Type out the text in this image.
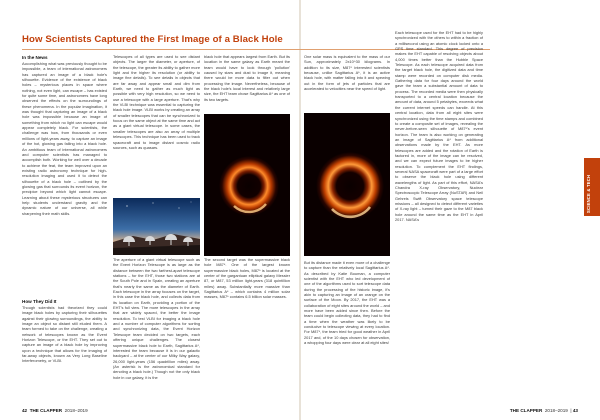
How Scientists Captured the First Image of a Black Hole

In the News

Accomplishing what was previously thought to be impossible, a team of international astronomers has captured an image of a black hole's silhouette. Evidence of the existence of black holes – mysterious places in space where nothing, not even light, can escape – has existed for quite some time, and astronomers have long observed the effects on the surroundings of these phenomena. In the popular imagination, it was thought that capturing an image of a black hole was impossible because an image of something from which no light can escape would appear completely black. For scientists, the challenge was how, from thousands or even millions of light-years away, to capture an image of the hot, glowing gas falling into a black hole. An ambitious team of international astronomers and computer scientists has managed to accomplish both. Working for well over a decade to achieve the feat, the team improved upon an existing radio astronomy technique for high-resolution imaging and used it to detect the silhouette of a black hole – outlined by the glowing gas that surrounds its event horizon, the precipice beyond which light cannot escape. Learning about these mysterious structures can help students understand gravity and the dynamic nature of our universe, all while sharpening their math skills.

How They Did It

Though scientists had theorized they could image black holes by capturing their silhouettes against their glowing surroundings, the ability to image an object so distant still eluded them. A team formed to take on the challenge, creating a network of telescopes known as the Event Horizon Telescope, or the EHT. They set out to capture an image of a black hole by improving upon a technique that allows for the imaging of far-away objects, known as Very Long Baseline Interferometry, or VLBI.

Telescopes of all types are used to see distant objects. The larger the diameter, or aperture, of the telescope, the greater its ability to gather more light and the higher its resolution (or ability to image fine details). To see details in objects that are far away and appear small and dim from Earth, we need to gather as much light as possible with very high resolution, so we need to use a telescope with a large aperture. That's why the VLBI technique was essential to capturing the black hole image. VLBI works by creating an array of smaller telescopes that can be synchronized to focus on the same object at the same time and act as a giant virtual telescope. In some cases, the smaller telescopes are also an array of multiple telescopes. This technique has been used to track spacecraft and to image distant cosmic radio sources, such as quasars.

The aperture of a giant virtual telescope such as the Event Horizon Telescope is as large as the distance between the two farthest-apart telescope stations – for the EHT, those two stations are at the South Pole and in Spain, creating an aperture that's nearly the same as the diameter of Earth. Each telescope in the array focuses on the target, in this case the black hole, and collects data from its location on Earth, providing a portion of the EHT's full view. The more telescopes in the array that are widely spaced, the better the image resolution. To test VLBI for imaging a black hole and a number of computer algorithms for sorting and synchronizing data, the Event Horizon Telescope team decided on two targets, each offering unique challenges. The closest supermassive black hole to Earth, Sagittarius A*, interested the team because it is in our galactic backyard – at the center of our Milky Way galaxy, 26,000 light-years (156 quadrillion miles) away. (An asterisk is the astronomical standard for denoting a black hole.) Though not the only black hole in our galaxy, it is the

black hole that appears largest from Earth. But its location in the same galaxy as Earth meant the team would have to look through 'pollution' caused by stars and dust to image it, meaning there would be more data to filter out when processing the image. Nevertheless, because of the black hole's local interest and relatively large size, the EHT team chose Sagittarius A* as one of its two targets.

The second target was the supermassive black hole M87*. One of the largest known supermassive black holes, M87* is located at the center of the gargantuan elliptical galaxy Messier 87, or M87, 53 million light-years (318 quintillion miles) away. Substantially more massive than Sagittarius A* – which contains 4 million solar masses, M87* contains 6.5 billion solar masses.

One solar mass is equivalent to the mass of our Sun, approximately 2x10^30 kilograms. In addition to its size, M87* interested scientists because, unlike Sagittarius A*, it is an active black hole, with matter falling into it and spewing out in the form of jets of particles that are accelerated to velocities near the speed of light.

But its distance made it even more of a challenge to capture than the relatively local Sagittarius A*. As described by Katie Bouman, a computer scientist with the EHT who led development of one of the algorithms used to sort telescope data during the processing of the historic image, it's akin to capturing an image of an orange on the surface of the Moon. By 2017, the EHT was a collaboration of eight sites around the world – and more have been added since then. Before the team could begin collecting data, they had to find a time when the weather was likely to be conducive to telescope viewing at every location. For M87*, the team tried for good weather in April 2017 and, of the 10 days chosen for observation, a whopping four days were clear at all eight sites!

Each telescope used for the EHT had to be highly synchronized with the others to within a fraction of a millisecond using an atomic clock locked onto a GPS time standard. This degree of precision makes the EHT capable of resolving objects about 4,000 times better than the Hubble Space Telescope. As each telescope acquired data from the target black hole, the digitized data and time stamp were recorded on computer disk media. Gathering data for four days around the world gave the team a substantial amount of data to process. The recorded media were then physically transported to a central location because the amount of data, around 5 petabytes, exceeds what the current internet speeds can handle. At this central location, data from all eight sites were synchronized using the time stamps and combined to create a composite set of images, revealing the never-before-seen silhouette of M87*'s event horizon. The team is also working on generating an image of Sagittarius A* from additional observations made by the EHT. As more telescopes are added and the rotation of Earth is factored in, more of the image can be resolved, and we can expect future images to be higher resolution. To complement the EHT findings, several NASA spacecraft were part of a large effort to observe the black hole using different wavelengths of light. As part of this effort, NASA's Chandra X-ray Observatory, Nuclear Spectroscopic Telescope Array (NuSTAR) and Neil Gehrels Swift Observatory space telescope missions – all designed to detect different varieties of X-ray light – turned their gaze to the M87 black hole around the same time as the EHT in April 2017. NASA's

SCIENCE & TECH
42 THE CLAPPER 2018–2019	THE CLAPPER 2018–2019  | 43
